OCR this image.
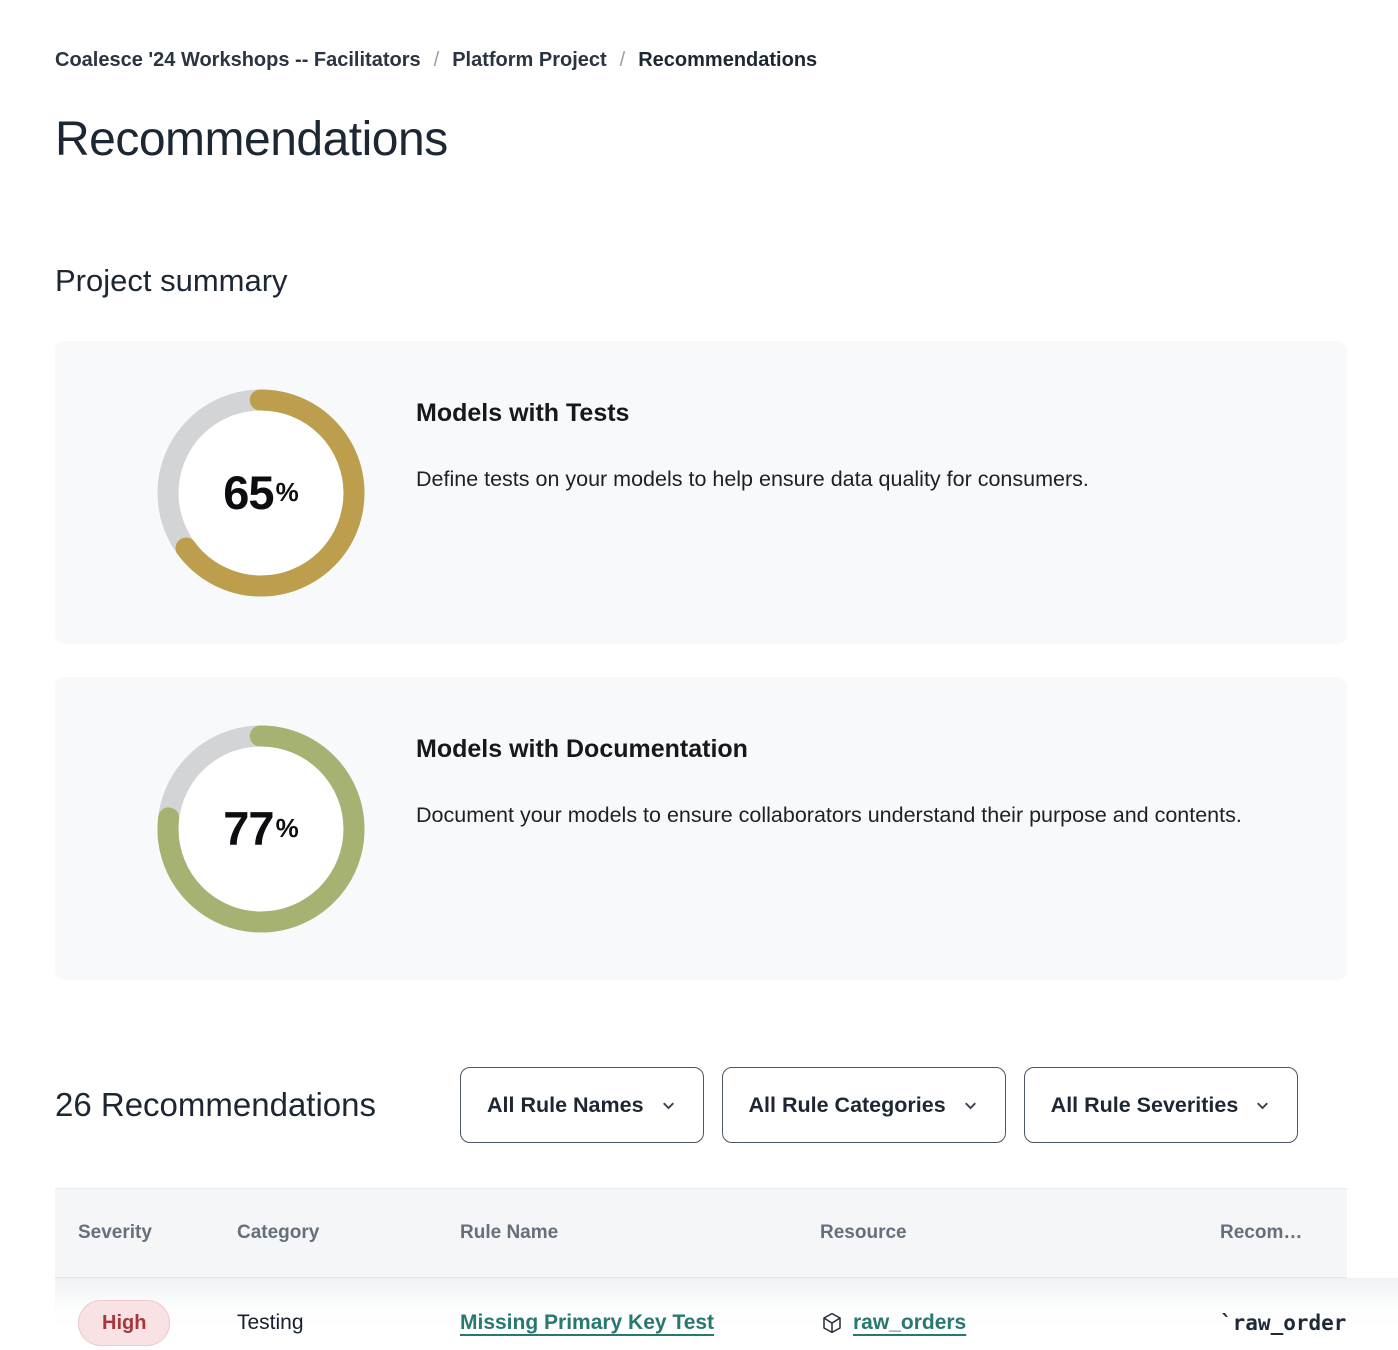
Coalesce '24 Workshops -- Facilitators / Platform Project / Recommendations
Recommendations
Project summary
65 %
Models with Tests
Define tests on your models to help ensure data quality for consumers.
77 %
Models with Documentation
Document your models to ensure collaborators understand their purpose and contents.
26 Recommendations	All Rule Names	All Rule Categories	All Rule Severities
Severity	Category	Rule Name	Resource	Recom…
High	Testing	Missing Primary Key Test	raw_orders	`raw_order
